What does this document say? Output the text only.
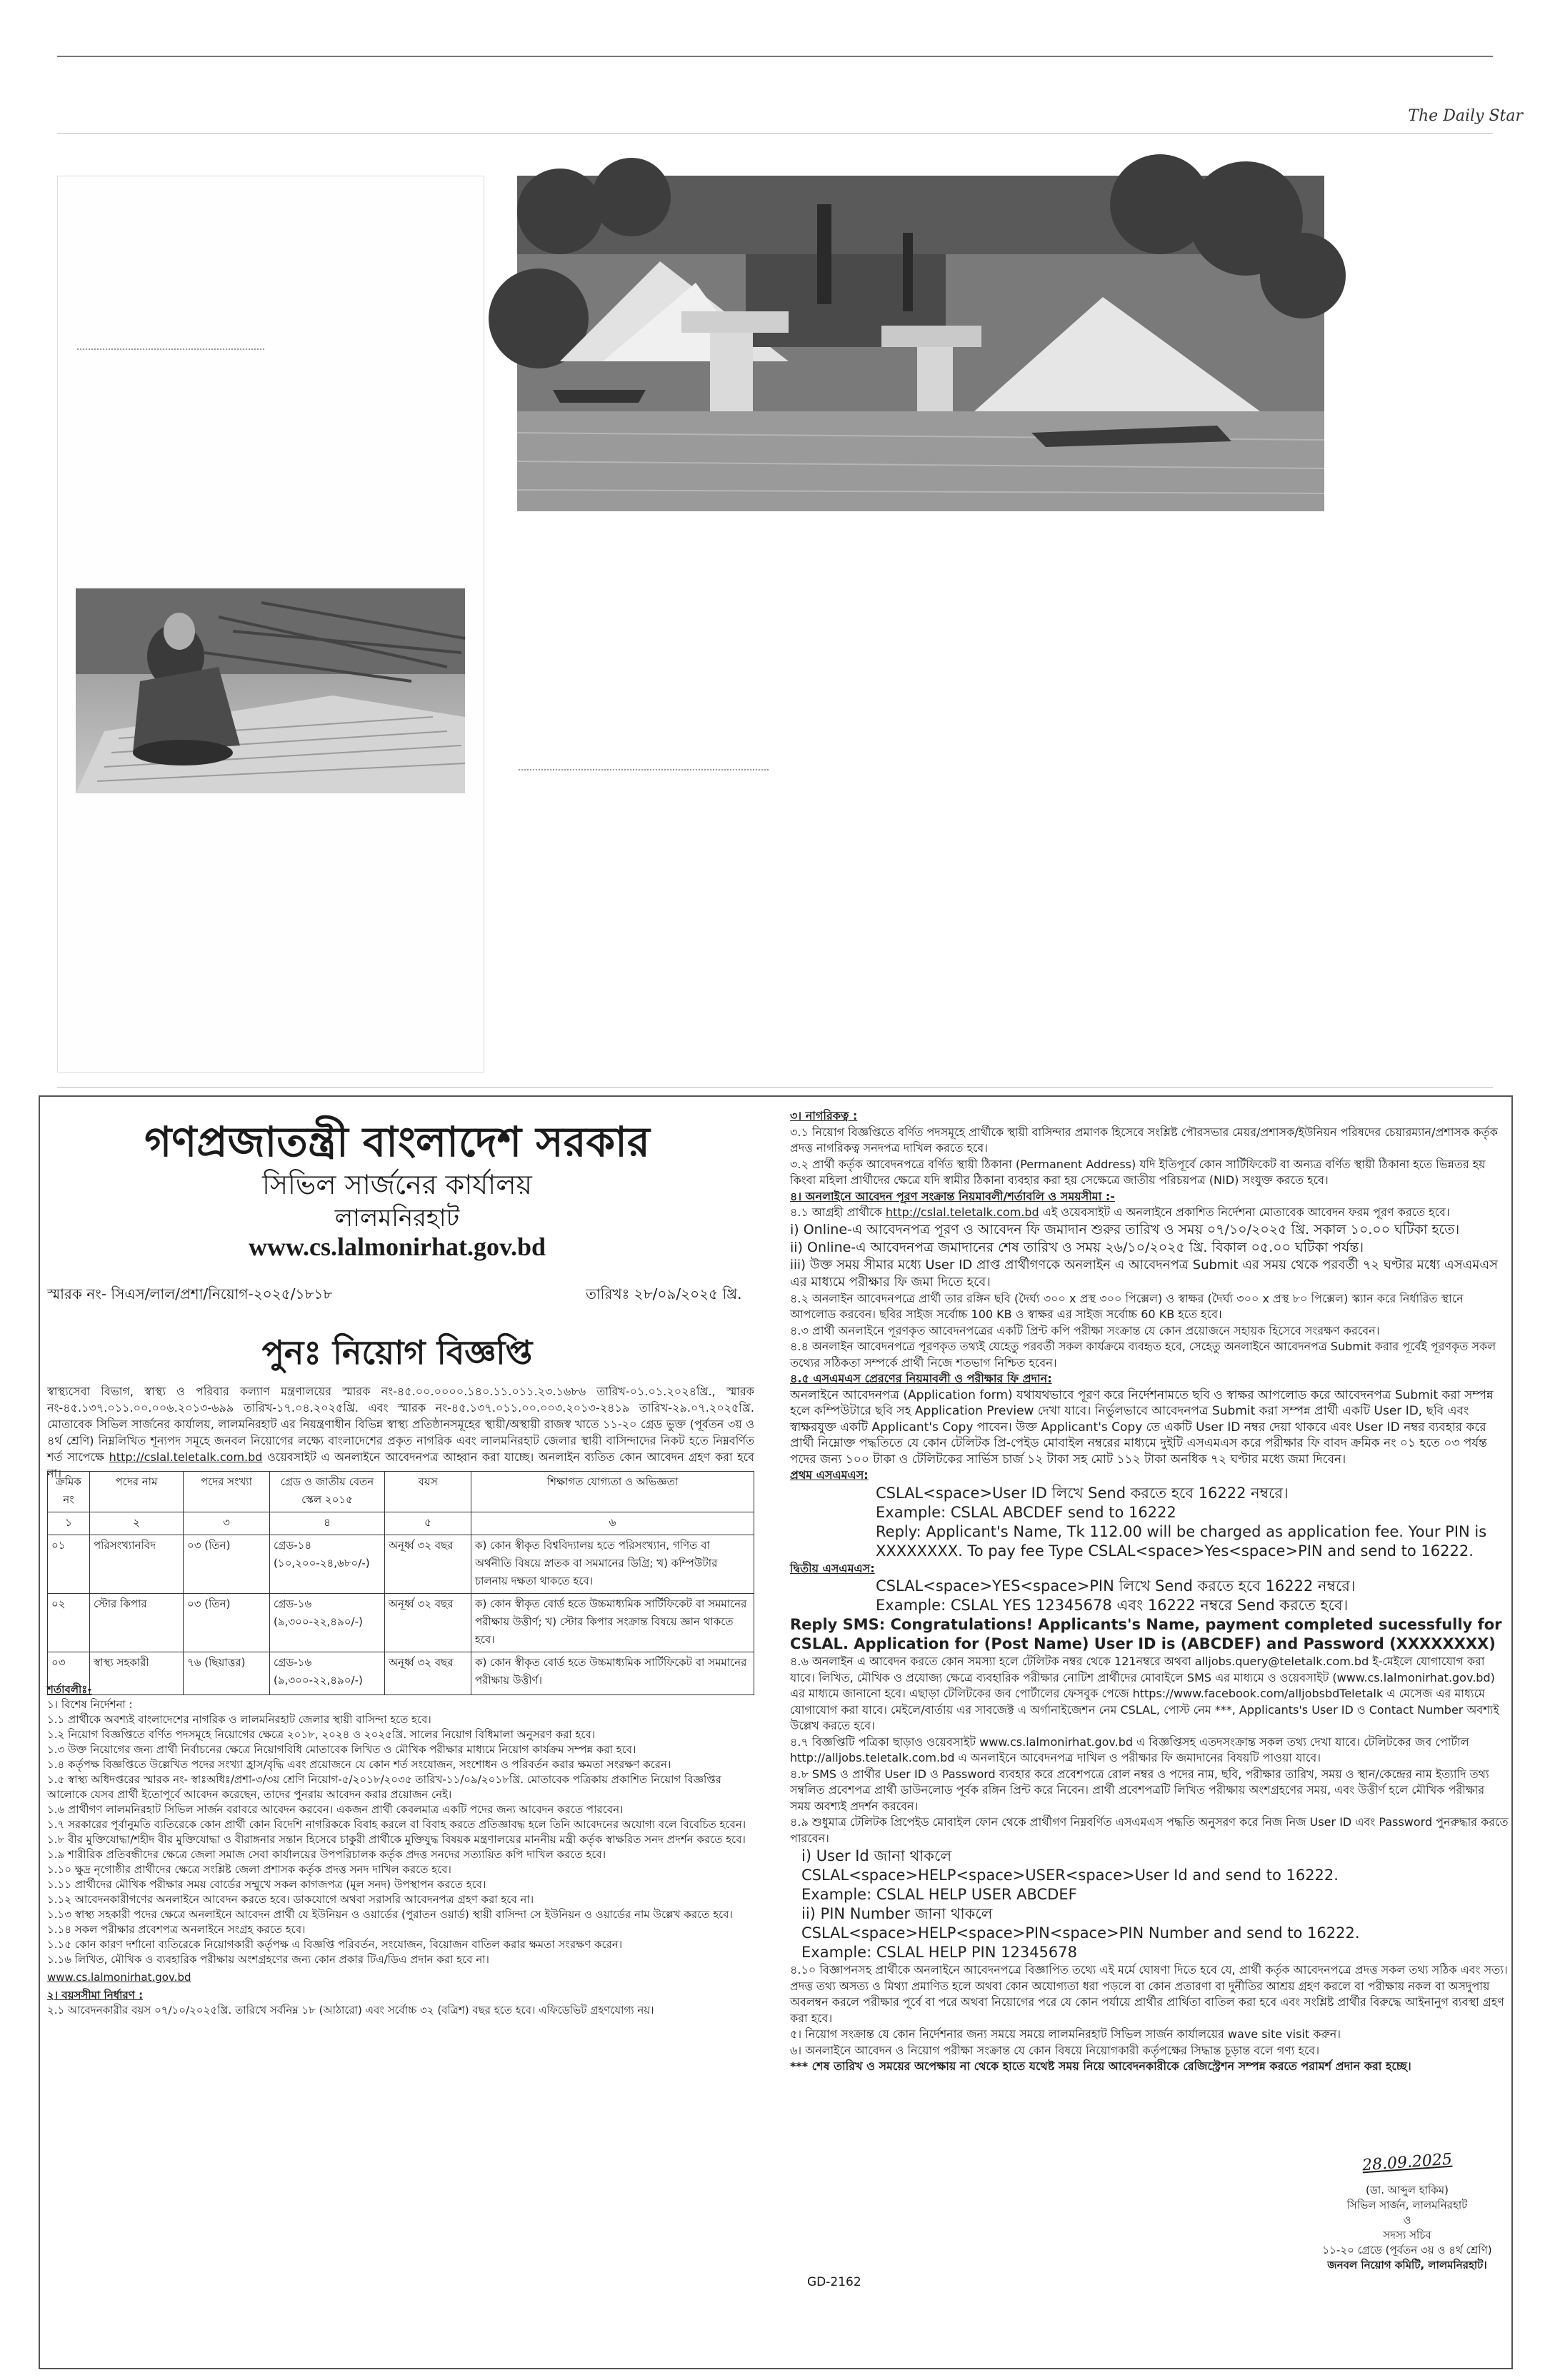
The Daily Star
গণপ্রজাতন্ত্রী বাংলাদেশ সরকার
সিভিল সার্জনের কার্যালয়
লালমনিরহাট
www.cs.lalmonirhat.gov.bd
স্মারক নং- সিএস/লাল/প্রশা/নিয়োগ-২০২৫/১৮১৮	তারিখঃ ২৮/০৯/২০২৫ খ্রি.
পুনঃ নিয়োগ বিজ্ঞপ্তি
স্বাস্থ্যসেবা বিভাগ, স্বাস্থ্য ও পরিবার কল্যাণ মন্ত্রণালয়ের স্মারক নং-৪৫.০০.০০০০.১৪০.১১.০১১.২৩.১৬৮৬ তারিখ-০১.০১.২০২৪খ্রি., স্মারক নং-৪৫.১৩৭.০১১.০০.০০৬.২০১৩-৬৯৯ তারিখ-১৭.০৪.২০২৫খ্রি. এবং স্মারক নং-৪৫.১৩৭.০১১.০০.০০৩.২০১৩-২৪১৯ তারিখ-২৯.০৭.২০২৫খ্রি. মোতাবেক সিভিল সার্জনের কার্যালয়, লালমনিরহাট এর নিয়ন্ত্রণাধীন বিভিন্ন স্বাস্থ্য প্রতিষ্ঠানসমূহের স্থায়ী/অস্থায়ী রাজস্ব খাতে ১১-২০ গ্রেড ভুক্ত (পূর্বতন ৩য় ও ৪র্থ শ্রেণি) নিম্নলিখিত শূন্যপদ সমূহে জনবল নিয়োগের লক্ষ্যে বাংলাদেশের প্রকৃত নাগরিক এবং লালমনিরহাট জেলার স্থায়ী বাসিন্দাদের নিকট হতে নিম্নবর্ণিত শর্ত সাপেক্ষে http://cslal.teletalk.com.bd ওয়েবসাইট এ অনলাইনে আবেদনপত্র আহ্বান করা যাচ্ছে। অনলাইন ব্যতিত কোন আবেদন গ্রহণ করা হবে না।
ক্রমিক নং	পদের নাম	পদের সংখ্যা	গ্রেড ও জাতীয় বেতন স্কেল ২০১৫	বয়স	শিক্ষাগত যোগ্যতা ও অভিজ্ঞতা
১	২	৩	৪	৫	৬
০১	পরিসংখ্যানবিদ	০৩ (তিন)	গ্রেড-১৪ (১০,২০০-২৪,৬৮০/-)	অনূর্ধ্ব ৩২ বছর	ক) কোন স্বীকৃত বিশ্ববিদ্যালয় হতে পরিসংখ্যান, গণিত বা অর্থনীতি বিষয়ে স্নাতক বা সমমানের ডিগ্রি; খ) কম্পিউটার চালনায় দক্ষতা থাকতে হবে।
০২	স্টোর কিপার	০৩ (তিন)	গ্রেড-১৬ (৯,৩০০-২২,৪৯০/-)	অনূর্ধ্ব ৩২ বছর	ক) কোন স্বীকৃত বোর্ড হতে উচ্চমাধ্যমিক সার্টিফিকেট বা সমমানের পরীক্ষায় উত্তীর্ণ; খ) স্টোর কিপার সংক্রান্ত বিষয়ে জ্ঞান থাকতে হবে।
০৩	স্বাস্থ্য সহকারী	৭৬ (ছিয়াত্তর)	গ্রেড-১৬ (৯,৩০০-২২,৪৯০/-)	অনূর্ধ্ব ৩২ বছর	ক) কোন স্বীকৃত বোর্ড হতে উচ্চমাধ্যমিক সার্টিফিকেট বা সমমানের পরীক্ষায় উত্তীর্ণ।
শর্তাবলীঃ-
১। বিশেষ নির্দেশনা :
১.১ প্রার্থীকে অবশ্যই বাংলাদেশের নাগরিক ও লালমনিরহাট জেলার স্থায়ী বাসিন্দা হতে হবে।
১.২ নিয়োগ বিজ্ঞপ্তিতে বর্ণিত পদসমূহে নিয়োগের ক্ষেত্রে ২০১৮, ২০২৪ ও ২০২৫খ্রি. সালের নিয়োগ বিধিমালা অনুসরণ করা হবে।
১.৩ উক্ত নিয়োগের জন্য প্রার্থী নির্বাচনের ক্ষেত্রে নিয়োগবিধি মোতাবেক লিখিত ও মৌখিক পরীক্ষার মাধ্যমে নিয়োগ কার্যক্রম সম্পন্ন করা হবে।
১.৪ কর্তৃপক্ষ বিজ্ঞপ্তিতে উল্লেখিত পদের সংখ্যা হ্রাস/বৃদ্ধি এবং প্রয়োজনে যে কোন শর্ত সংযোজন, সংশোধন ও পরিবর্তন করার ক্ষমতা সংরক্ষণ করেন।
১.৫ স্বাস্থ্য অধিদপ্তরের স্মারক নং- স্বাঃঅধিঃ/প্রশা-৩/৩য় শ্রেণি নিয়োগ-৫/২০১৮/২০৩৫ তারিখ-১১/০৯/২০১৮খ্রি. মোতাবেক পত্রিকায় প্রকাশিত নিয়োগ বিজ্ঞপ্তির আলোকে যেসব প্রার্থী ইতোপূর্বে আবেদন করেছেন, তাদের পুনরায় আবেদন করার প্রয়োজন নেই।
১.৬ প্রার্থীগণ লালমনিরহাট সিভিল সার্জন বরাবরে আবেদন করবেন। একজন প্রার্থী কেবলমাত্র একটি পদের জন্য আবেদন করতে পারবেন।
১.৭ সরকারের পূর্বানুমতি ব্যতিরেকে কোন প্রার্থী কোন বিদেশি নাগরিককে বিবাহ করলে বা বিবাহ করতে প্রতিজ্ঞাবদ্ধ হলে তিনি আবেদনের অযোগ্য বলে বিবেচিত হবেন।
১.৮ বীর মুক্তিযোদ্ধা/শহীদ বীর মুক্তিযোদ্ধা ও বীরাঙ্গনার সন্তান হিসেবে চাকুরী প্রার্থীকে মুক্তিযুদ্ধ বিষয়ক মন্ত্রণালয়ের মাননীয় মন্ত্রী কর্তৃক স্বাক্ষরিত সনদ প্রদর্শন করতে হবে।
১.৯ শারীরিক প্রতিবন্ধীদের ক্ষেত্রে জেলা সমাজ সেবা কার্যালয়ের উপপরিচালক কর্তৃক প্রদত্ত সনদের সত্যায়িত কপি দাখিল করতে হবে।
১.১০ ক্ষুদ্র নৃগোষ্ঠীর প্রার্থীদের ক্ষেত্রে সংশ্লিষ্ট জেলা প্রশাসক কর্তৃক প্রদত্ত সনদ দাখিল করতে হবে।
১.১১ প্রার্থীদের মৌখিক পরীক্ষার সময় বোর্ডের সম্মুখে সকল কাগজপত্র (মূল সনদ) উপস্থাপন করতে হবে।
১.১২ আবেদনকারীগণের অনলাইনে আবেদন করতে হবে। ডাকযোগে অথবা সরাসরি আবেদনপত্র গ্রহণ করা হবে না।
১.১৩ স্বাস্থ্য সহকারী পদের ক্ষেত্রে অনলাইনে আবেদন প্রার্থী যে ইউনিয়ন ও ওয়ার্ডের (পুরাতন ওয়ার্ড) স্থায়ী বাসিন্দা সে ইউনিয়ন ও ওয়ার্ডের নাম উল্লেখ করতে হবে।
১.১৪ সকল পরীক্ষার প্রবেশপত্র অনলাইনে সংগ্রহ করতে হবে।
১.১৫ কোন কারণ দর্শানো ব্যতিরেকে নিয়োগকারী কর্তৃপক্ষ এ বিজ্ঞপ্তি পরিবর্তন, সংযোজন, বিয়োজন বাতিল করার ক্ষমতা সংরক্ষণ করেন।
১.১৬ লিখিত, মৌখিক ও ব্যবহারিক পরীক্ষায় অংশগ্রহণের জন্য কোন প্রকার টিএ/ডিএ প্রদান করা হবে না।
www.cs.lalmonirhat.gov.bd
২। বয়সসীমা নির্ধারণ :
২.১ আবেদনকারীর বয়স ০৭/১০/২০২৫খ্রি. তারিখে সর্বনিম্ন ১৮ (আঠারো) এবং সর্বোচ্চ ৩২ (বত্রিশ) বছর হতে হবে। এফিডেভিট গ্রহণযোগ্য নয়।
৩। নাগরিকত্ব :
৩.১ নিয়োগ বিজ্ঞপ্তিতে বর্ণিত পদসমূহে প্রার্থীকে স্থায়ী বাসিন্দার প্রমাণক হিসেবে সংশ্লিষ্ট পৌরসভার মেয়র/প্রশাসক/ইউনিয়ন পরিষদের চেয়ারম্যান/প্রশাসক কর্তৃক প্রদত্ত নাগরিকত্ব সনদপত্র দাখিল করতে হবে।
৩.২ প্রার্থী কর্তৃক আবেদনপত্রে বর্ণিত স্থায়ী ঠিকানা (Permanent Address) যদি ইতিপূর্বে কোন সার্টিফিকেট বা অন্যত্র বর্ণিত স্থায়ী ঠিকানা হতে ভিন্নতর হয় কিংবা মহিলা প্রার্থীদের ক্ষেত্রে যদি স্বামীর ঠিকানা ব্যবহার করা হয় সেক্ষেত্রে জাতীয় পরিচয়পত্র (NID) সংযুক্ত করতে হবে।
৪। অনলাইনে আবেদন পূরণ সংক্রান্ত নিয়মাবলী/শর্তাবলি ও সময়সীমা :-
৪.১ আগ্রহী প্রার্থীকে http://cslal.teletalk.com.bd এই ওয়েবসাইট এ অনলাইনে প্রকাশিত নির্দেশনা মোতাবেক আবেদন ফরম পূরণ করতে হবে।
i) Online-এ আবেদনপত্র পূরণ ও আবেদন ফি জমাদান শুরুর তারিখ ও সময় ০৭/১০/২০২৫ খ্রি. সকাল ১০.০০ ঘটিকা হতে।
ii) Online-এ আবেদনপত্র জমাদানের শেষ তারিখ ও সময় ২৬/১০/২০২৫ খ্রি. বিকাল ০৫.০০ ঘটিকা পর্যন্ত।
iii) উক্ত সময় সীমার মধ্যে User ID প্রাপ্ত প্রার্থীগণকে অনলাইন এ আবেদনপত্র Submit এর সময় থেকে পরবর্তী ৭২ ঘণ্টার মধ্যে এসএমএস এর মাধ্যমে পরীক্ষার ফি জমা দিতে হবে।
৪.২ অনলাইন আবেদনপত্রে প্রার্থী তার রঙ্গিন ছবি (দৈর্ঘ্য ৩০০ x প্রস্থ ৩০০ পিক্সেল) ও স্বাক্ষর (দৈর্ঘ্য ৩০০ x প্রস্থ ৮০ পিক্সেল) স্ক্যান করে নির্ধারিত স্থানে আপলোড করবেন। ছবির সাইজ সর্বোচ্চ 100 KB ও স্বাক্ষর এর সাইজ সর্বোচ্চ 60 KB হতে হবে।
৪.৩ প্রার্থী অনলাইনে পূরণকৃত আবেদনপত্রের একটি প্রিন্ট কপি পরীক্ষা সংক্রান্ত যে কোন প্রয়োজনে সহায়ক হিসেবে সংরক্ষণ করবেন।
৪.৪ অনলাইন আবেদনপত্রে পূরণকৃত তথ্যই যেহেতু পরবর্তী সকল কার্যক্রমে ব্যবহৃত হবে, সেহেতু অনলাইনে আবেদনপত্র Submit করার পূর্বেই পূরণকৃত সকল তথ্যের সঠিকতা সম্পর্কে প্রার্থী নিজে শতভাগ নিশ্চিত হবেন।
৪.৫ এসএমএস প্রেরণের নিয়মাবলী ও পরীক্ষার ফি প্রদান:
অনলাইনে আবেদনপত্র (Application form) যথাযথভাবে পূরণ করে নির্দেশনামতে ছবি ও স্বাক্ষর আপলোড করে আবেদনপত্র Submit করা সম্পন্ন হলে কম্পিউটারে ছবি সহ Application Preview দেখা যাবে। নির্ভুলভাবে আবেদনপত্র Submit করা সম্পন্ন প্রার্থী একটি User ID, ছবি এবং স্বাক্ষরযুক্ত একটি Applicant's Copy পাবেন। উক্ত Applicant's Copy তে একটি User ID নম্বর দেয়া থাকবে এবং User ID নম্বর ব্যবহার করে প্রার্থী নিম্নোক্ত পদ্ধতিতে যে কোন টেলিটক প্রি-পেইড মোবাইল নম্বরের মাধ্যমে দুইটি এসএমএস করে পরীক্ষার ফি বাবদ ক্রমিক নং ০১ হতে ০৩ পর্যন্ত পদের জন্য ১০০ টাকা ও টেলিটকের সার্ভিস চার্জ ১২ টাকা সহ মোট ১১২ টাকা অনধিক ৭২ ঘণ্টার মধ্যে জমা দিবেন।
প্রথম এসএমএস:
CSLAL<space>User ID লিখে Send করতে হবে 16222 নম্বরে।
Example: CSLAL ABCDEF send to 16222
Reply: Applicant's Name, Tk 112.00 will be charged as application fee. Your PIN is XXXXXXXX. To pay fee Type CSLAL<space>Yes<space>PIN and send to 16222.
দ্বিতীয় এসএমএস:
CSLAL<space>YES<space>PIN লিখে Send করতে হবে 16222 নম্বরে।
Example: CSLAL YES 12345678 এবং 16222 নম্বরে Send করতে হবে।
Reply SMS: Congratulations! Applicants's Name, payment completed sucessfully for CSLAL. Application for (Post Name) User ID is (ABCDEF) and Password (XXXXXXXX)
৪.৬ অনলাইন এ আবেদন করতে কোন সমস্যা হলে টেলিটক নম্বর থেকে 121নম্বরে অথবা alljobs.query@teletalk.com.bd ই-মেইলে যোগাযোগ করা যাবে। লিখিত, মৌখিক ও প্রযোজ্য ক্ষেত্রে ব্যবহারিক পরীক্ষার নোটিশ প্রার্থীদের মোবাইলে SMS এর মাধ্যমে ও ওয়েবসাইট (www.cs.lalmonirhat.gov.bd) এর মাধ্যমে জানানো হবে। এছাড়া টেলিটকের জব পোর্টালের ফেসবুক পেজে https://www.facebook.com/alljobsbdTeletalk এ মেসেজ এর মাধ্যমে যোগাযোগ করা যাবে। মেইলে/বার্তায় এর সাবজেক্ট এ অর্গানাইজেশন নেম CSLAL, পোস্ট নেম ***, Applicants's User ID ও Contact Number অবশ্যই উল্লেখ করতে হবে।
৪.৭ বিজ্ঞপ্তিটি পত্রিকা ছাড়াও ওয়েবসাইট www.cs.lalmonirhat.gov.bd এ বিজ্ঞপ্তিসহ এতদসংক্রান্ত সকল তথ্য দেখা যাবে। টেলিটকের জব পোর্টাল http://alljobs.teletalk.com.bd এ অনলাইনে আবেদনপত্র দাখিল ও পরীক্ষার ফি জমাদানের বিষয়টি পাওয়া যাবে।
৪.৮ SMS ও প্রার্থীর User ID ও Password ব্যবহার করে প্রবেশপত্রে রোল নম্বর ও পদের নাম, ছবি, পরীক্ষার তারিখ, সময় ও স্থান/কেন্দ্রের নাম ইত্যাদি তথ্য সম্বলিত প্রবেশপত্র প্রার্থী ডাউনলোড পূর্বক রঙ্গিন প্রিন্ট করে নিবেন। প্রার্থী প্রবেশপত্রটি লিখিত পরীক্ষায় অংশগ্রহণের সময়, এবং উত্তীর্ণ হলে মৌখিক পরীক্ষার সময় অবশ্যই প্রদর্শন করবেন।
৪.৯ শুধুমাত্র টেলিটক প্রিপেইড মোবাইল ফোন থেকে প্রার্থীগণ নিম্নবর্ণিত এসএমএস পদ্ধতি অনুসরণ করে নিজ নিজ User ID এবং Password পুনরুদ্ধার করতে পারবেন।
i) User Id জানা থাকলে
CSLAL<space>HELP<space>USER<space>User Id and send to 16222.
Example: CSLAL HELP USER ABCDEF
ii) PIN Number জানা থাকলে
CSLAL<space>HELP<space>PIN<space>PIN Number and send to 16222.
Example: CSLAL HELP PIN 12345678
৪.১০ বিজ্ঞাপনসহ প্রার্থীকে অনলাইনে আবেদনপত্রে বিজ্ঞাপিত তথ্যে এই মর্মে ঘোষণা দিতে হবে যে, প্রার্থী কর্তৃক আবেদনপত্রে প্রদত্ত সকল তথ্য সঠিক এবং সত্য। প্রদত্ত তথ্য অসত্য ও মিথ্যা প্রমাণিত হলে অথবা কোন অযোগ্যতা ধরা পড়লে বা কোন প্রতারণা বা দুর্নীতির আশ্রয় গ্রহণ করলে বা পরীক্ষায় নকল বা অসদুপায় অবলম্বন করলে পরীক্ষার পূর্বে বা পরে অথবা নিয়োগের পরে যে কোন পর্যায়ে প্রার্থীর প্রার্থিতা বাতিল করা হবে এবং সংশ্লিষ্ট প্রার্থীর বিরুদ্ধে আইনানুগ ব্যবস্থা গ্রহণ করা হবে।
৫। নিয়োগ সংক্রান্ত যে কোন নির্দেশনার জন্য সময়ে সময়ে লালমনিরহাট সিভিল সার্জন কার্যালয়ের wave site visit করুন।
৬। অনলাইনে আবেদন ও নিয়োগ পরীক্ষা সংক্রান্ত যে কোন বিষয়ে নিয়োগকারী কর্তৃপক্ষের সিদ্ধান্ত চূড়ান্ত বলে গণ্য হবে।
*** শেষ তারিখ ও সময়ের অপেক্ষায় না থেকে হাতে যথেষ্ট সময় নিয়ে আবেদনকারীকে রেজিস্ট্রেশন সম্পন্ন করতে পরামর্শ প্রদান করা হচ্ছে।
28.09.2025
(ডা. আব্দুল হাকিম)
সিভিল সার্জন, লালমনিরহাট
ও
সদস্য সচিব
১১-২০ গ্রেডে (পূর্বতন ৩য় ও ৪র্থ শ্রেণি)
জনবল নিয়োগ কমিটি, লালমনিরহাট।
GD-2162
